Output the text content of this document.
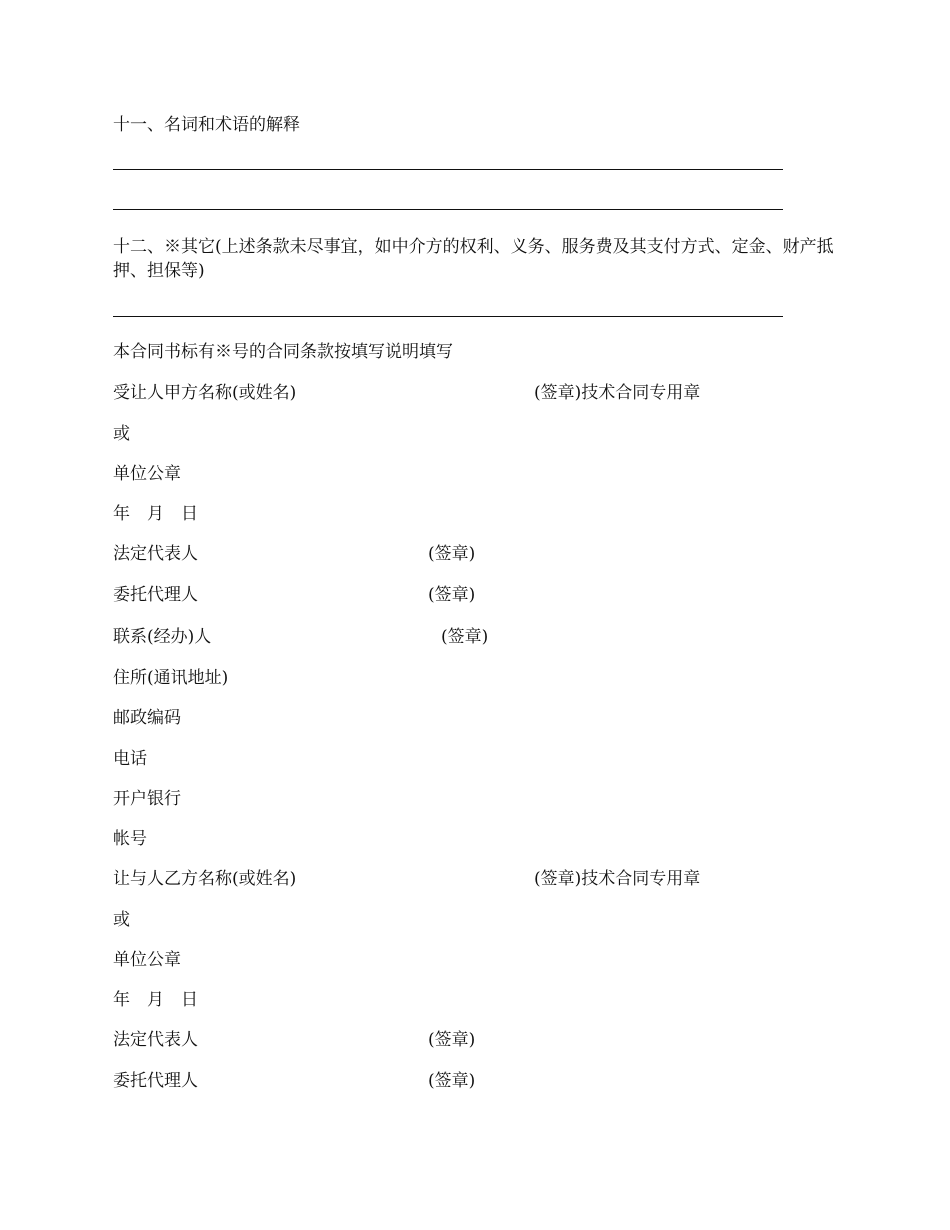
十一、名词和术语的解释
十二、※其它(上述条款未尽事宜，如中介方的权利、义务、服务费及其支付方式、定金、财产抵押、担保等)
本合同书标有※号的合同条款按填写说明填写
受让人甲方名称(或姓名)	(签章)技术合同专用章
或
单位公章
年　月　日
法定代表人	(签章)
委托代理人	(签章)
联系(经办)人	(签章)
住所(通讯地址)
邮政编码
电话
开户银行
帐号
让与人乙方名称(或姓名)	(签章)技术合同专用章
或
单位公章
年　月　日
法定代表人	(签章)
委托代理人	(签章)
